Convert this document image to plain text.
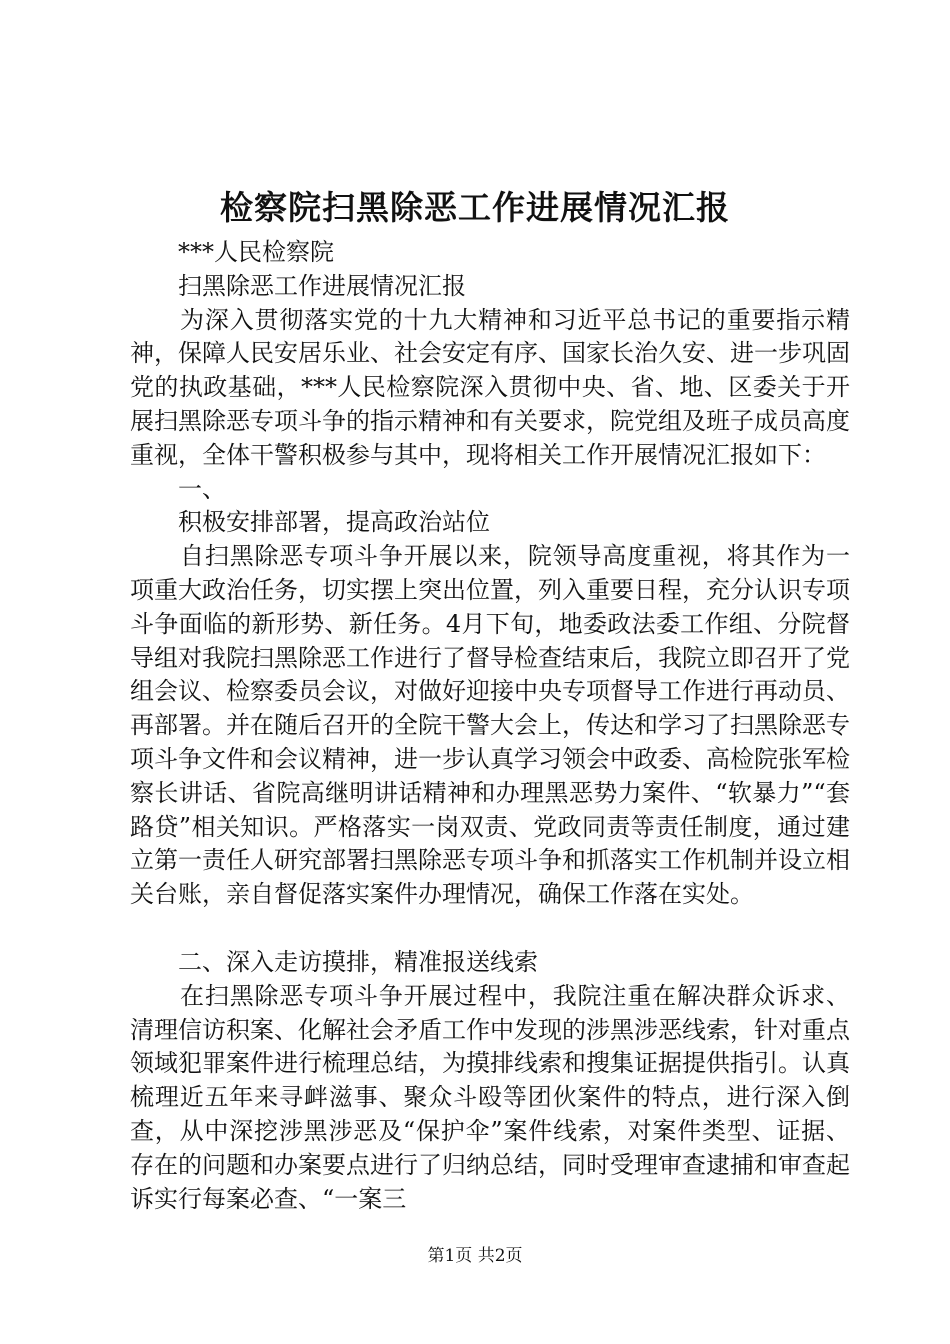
检察院扫黑除恶工作进展情况汇报

***人民检察院

扫黑除恶工作进展情况汇报

为深入贯彻落实党的十九大精神和习近平总书记的重要指示精神，保障人民安居乐业、社会安定有序、国家长治久安、进一步巩固党的执政基础，***人民检察院深入贯彻中央、省、地、区委关于开展扫黑除恶专项斗争的指示精神和有关要求，院党组及班子成员高度重视，全体干警积极参与其中，现将相关工作开展情况汇报如下：

一、

积极安排部署，提高政治站位

自扫黑除恶专项斗争开展以来，院领导高度重视，将其作为一项重大政治任务，切实摆上突出位置，列入重要日程，充分认识专项斗争面临的新形势、新任务。4月下旬，地委政法委工作组、分院督导组对我院扫黑除恶工作进行了督导检查结束后，我院立即召开了党组会议、检察委员会议，对做好迎接中央专项督导工作进行再动员、再部署。并在随后召开的全院干警大会上，传达和学习了扫黑除恶专项斗争文件和会议精神，进一步认真学习领会中政委、高检院张军检察长讲话、省院高继明讲话精神和办理黑恶势力案件、“软暴力”“套路贷”相关知识。严格落实一岗双责、党政同责等责任制度，通过建立第一责任人研究部署扫黑除恶专项斗争和抓落实工作机制并设立相关台账，亲自督促落实案件办理情况，确保工作落在实处。

二、深入走访摸排，精准报送线索

在扫黑除恶专项斗争开展过程中，我院注重在解决群众诉求、清理信访积案、化解社会矛盾工作中发现的涉黑涉恶线索，针对重点领域犯罪案件进行梳理总结，为摸排线索和搜集证据提供指引。认真梳理近五年来寻衅滋事、聚众斗殴等团伙案件的特点，进行深入倒查，从中深挖涉黑涉恶及“保护伞”案件线索，对案件类型、证据、存在的问题和办案要点进行了归纳总结，同时受理审查逮捕和审查起诉实行每案必查、“一案三

第1页 共2页
